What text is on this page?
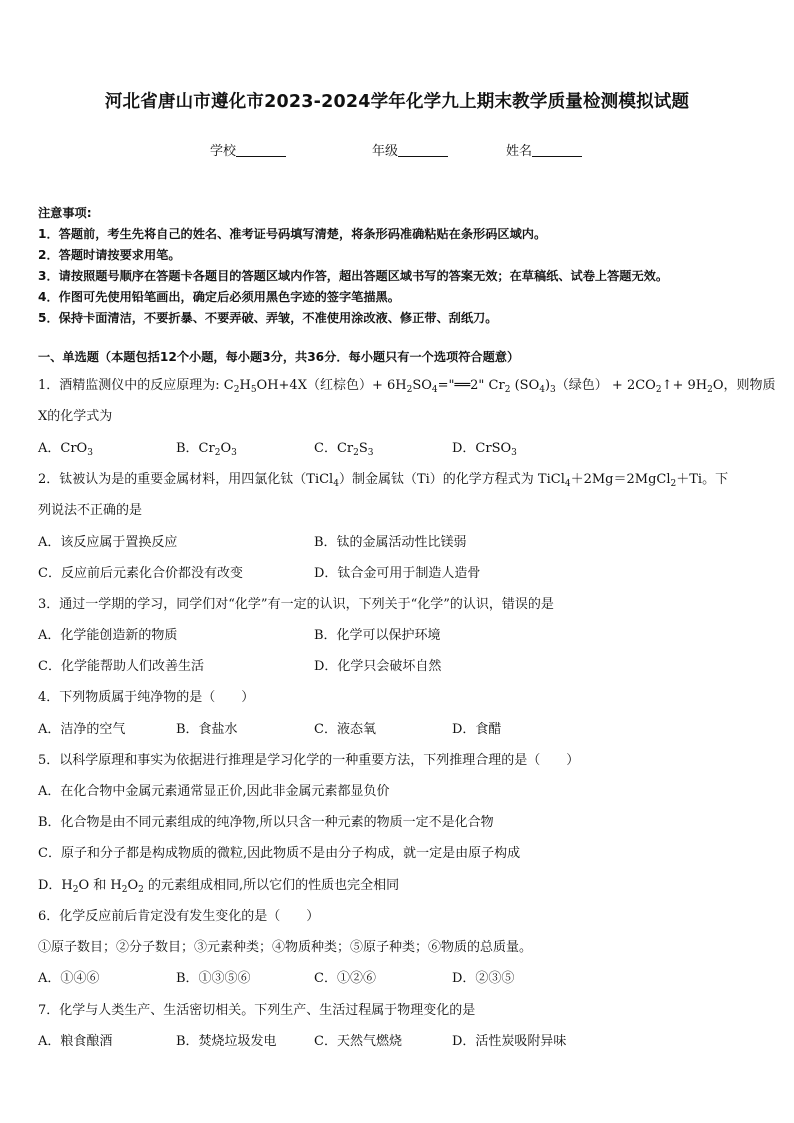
河北省唐山市遵化市2023-2024学年化学九上期末教学质量检测模拟试题
学校	年级	姓名
注意事项:
1．答题前，考生先将自己的姓名、准考证号码填写清楚，将条形码准确粘贴在条形码区域内。
2．答题时请按要求用笔。
3．请按照题号顺序在答题卡各题目的答题区域内作答，超出答题区域书写的答案无效；在草稿纸、试卷上答题无效。
4．作图可先使用铅笔画出，确定后必须用黑色字迹的签字笔描黑。
5．保持卡面清洁，不要折暴、不要弄破、弄皱，不准使用涂改液、修正带、刮纸刀。
一、单选题（本题包括12个小题，每小题3分，共36分．每小题只有一个选项符合题意）
1．酒精监测仪中的反应原理为: $C_2H_5OH+4X$（红棕色）+ $6H_2SO_4="══2$" $Cr_2$ $(SO_4)_3$（绿色） + $2CO_2↑+ 9H_2O$，则物质
X的化学式为
A．CrO$_3$	B．$Cr_2O_3$	C．$Cr_2S_3$	D．CrSO$_3$
2．钛被认为是的重要金属材料，用四氯化钛（TiCl$_4$）制金属钛（Ti）的化学方程式为 TiCl$_4$＋2Mg＝2MgCl$_2$＋Ti。下
列说法不正确的是
A．该反应属于置换反应	B．钛的金属活动性比镁弱
C．反应前后元素化合价都没有改变	D．钛合金可用于制造人造骨
3．通过一学期的学习，同学们对“化学”有一定的认识，下列关于“化学”的认识，错误的是
A．化学能创造新的物质	B．化学可以保护环境
C．化学能帮助人们改善生活	D．化学只会破坏自然
4．下列物质属于纯净物的是（　　）
A．洁净的空气	B．食盐水	C．液态氧	D．食醋
5．以科学原理和事实为依据进行推理是学习化学的一种重要方法，下列推理合理的是（　　）
A．在化合物中金属元素通常显正价,因此非金属元素都显负价
B．化合物是由不同元素组成的纯净物,所以只含一种元素的物质一定不是化合物
C．原子和分子都是构成物质的微粒,因此物质不是由分子构成，就一定是由原子构成
D．$H_2O$ 和 $H_2O_2$ 的元素组成相同,所以它们的性质也完全相同
6．化学反应前后肯定没有发生变化的是（　　）
①原子数目；②分子数目；③元素种类；④物质种类；⑤原子种类；⑥物质的总质量。
A．①④⑥	B．①③⑤⑥	C．①②⑥	D．②③⑤
7．化学与人类生产、生活密切相关。下列生产、生活过程属于物理变化的是
A．粮食酿酒	B．焚烧垃圾发电	C．天然气燃烧	D．活性炭吸附异味
